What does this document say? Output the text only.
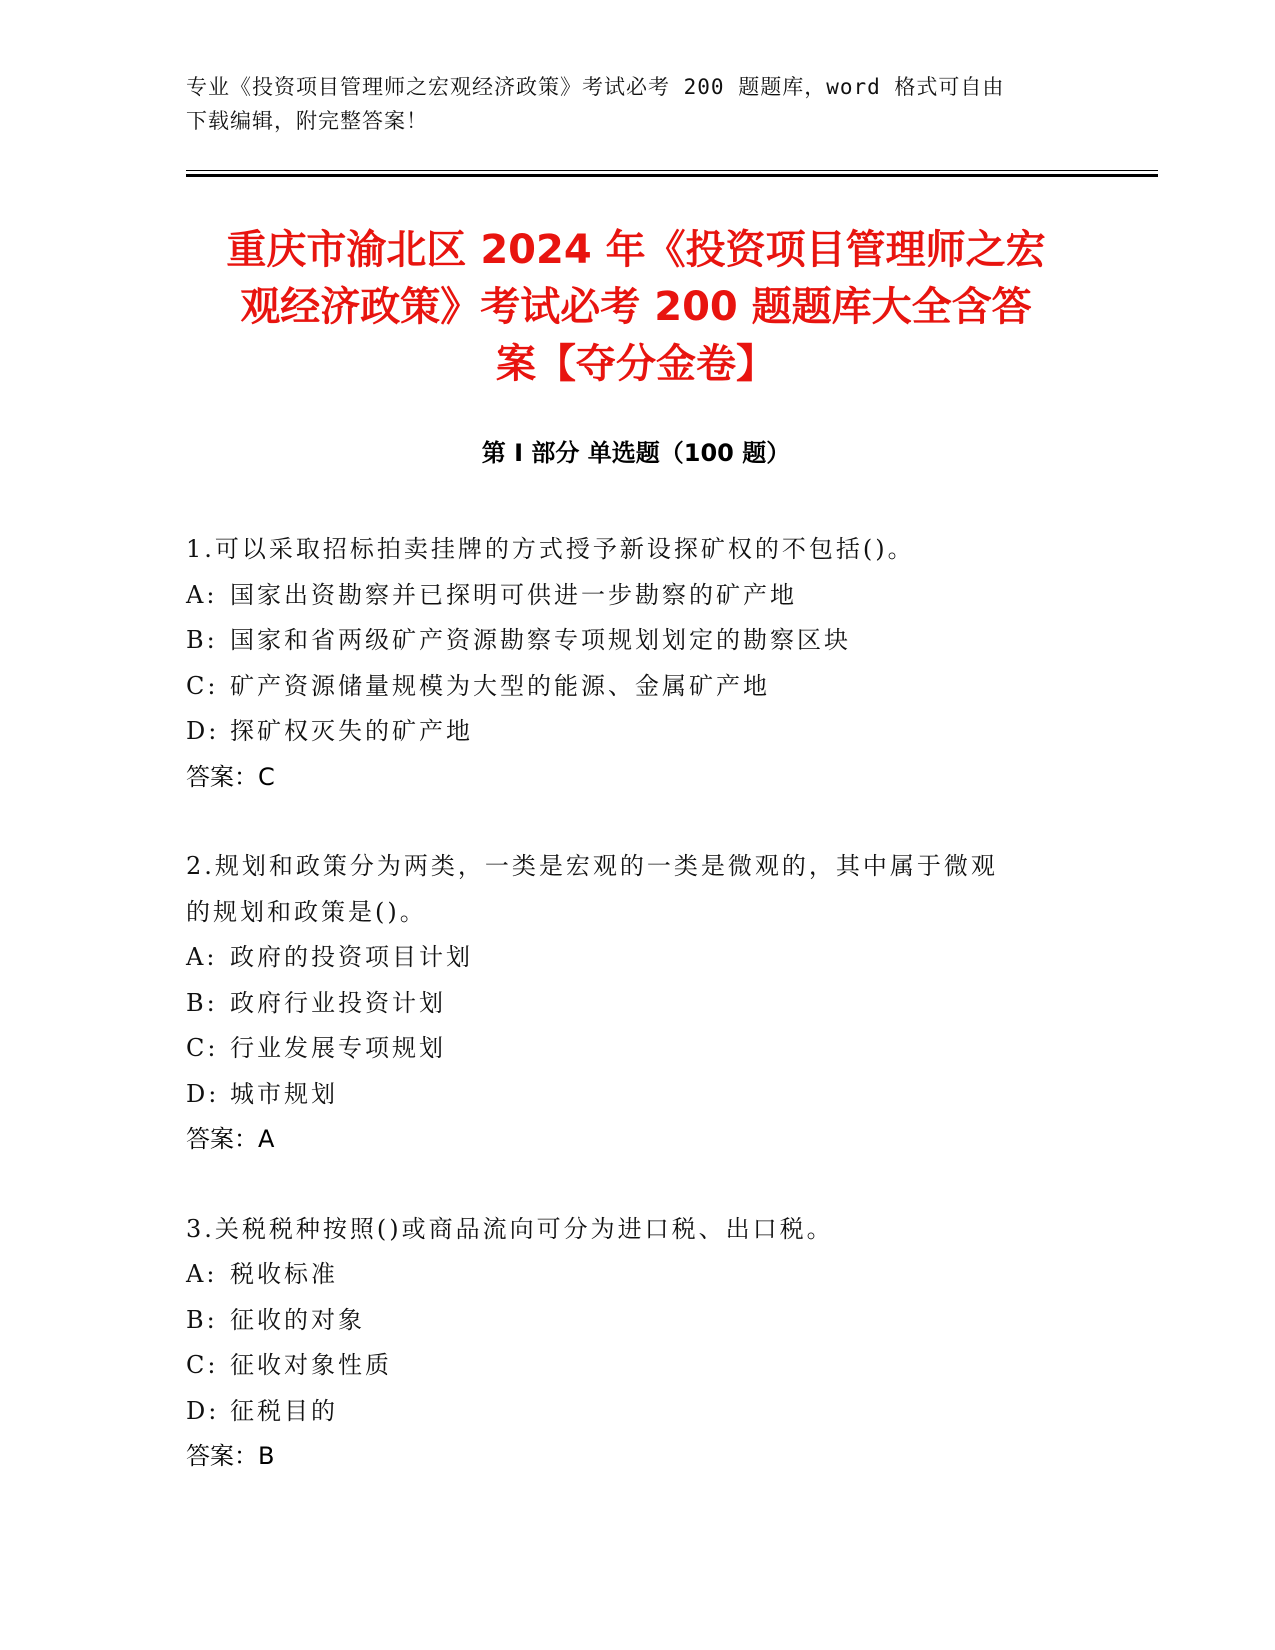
专业《投资项目管理师之宏观经济政策》考试必考 200 题题库，word 格式可自由
下载编辑，附完整答案！
重庆市渝北区 2024 年《投资项目管理师之宏
观经济政策》考试必考 200 题题库大全含答
案【夺分金卷】
第 I 部分 单选题（100 题）
1.可以采取招标拍卖挂牌的方式授予新设探矿权的不包括()。
A: 国家出资勘察并已探明可供进一步勘察的矿产地
B: 国家和省两级矿产资源勘察专项规划划定的勘察区块
C: 矿产资源储量规模为大型的能源、金属矿产地
D: 探矿权灭失的矿产地
答案：C
2.规划和政策分为两类，一类是宏观的一类是微观的，其中属于微观
的规划和政策是()。
A: 政府的投资项目计划
B: 政府行业投资计划
C: 行业发展专项规划
D: 城市规划
答案：A
3.关税税种按照()或商品流向可分为进口税、出口税。
A: 税收标准
B: 征收的对象
C: 征收对象性质
D: 征税目的
答案：B
